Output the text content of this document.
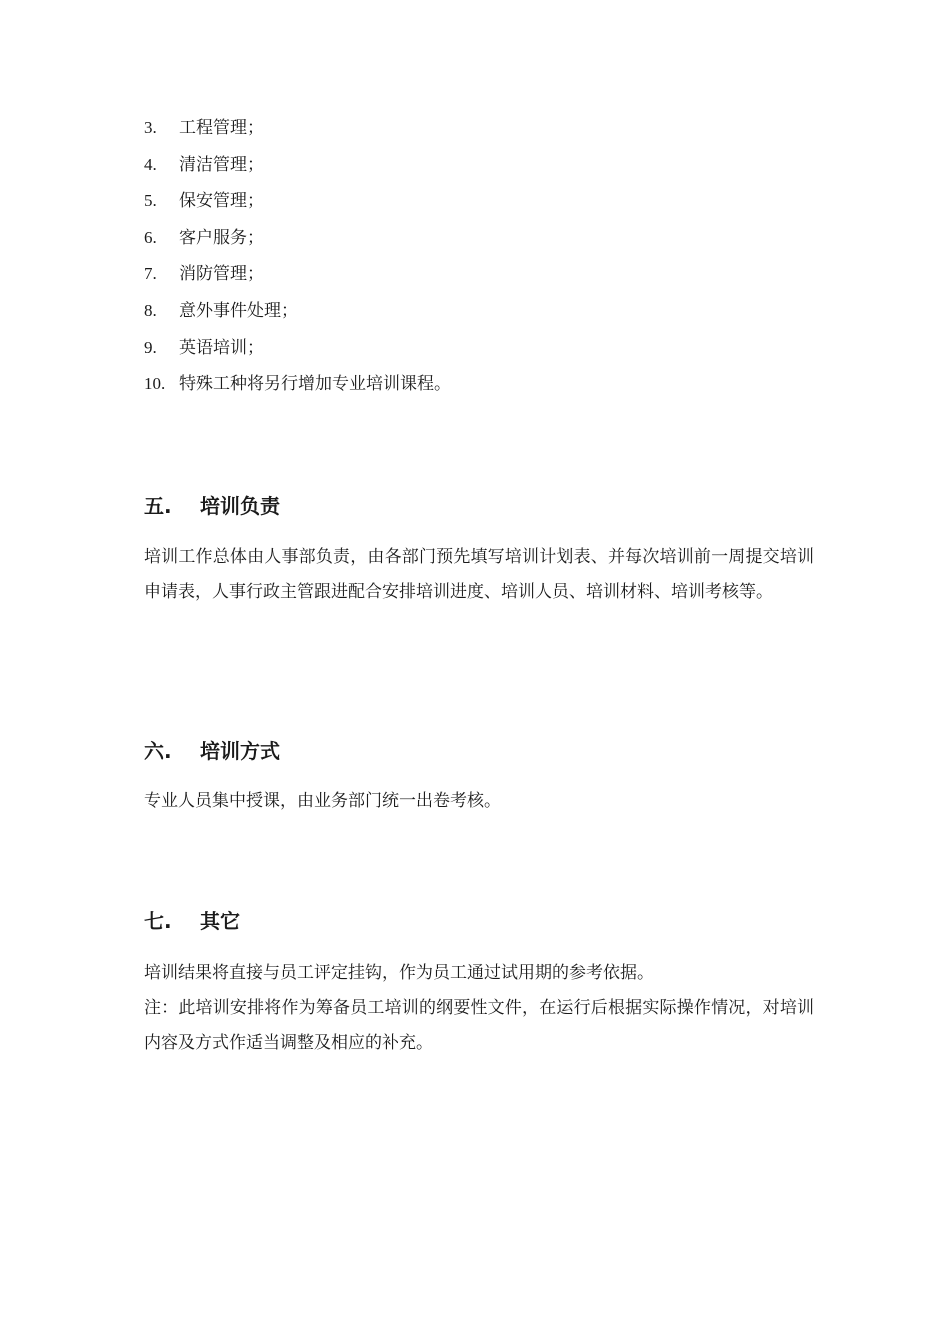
3. 工程管理；
4. 清洁管理；
5. 保安管理；
6. 客户服务；
7. 消防管理；
8. 意外事件处理；
9. 英语培训；
10. 特殊工种将另行增加专业培训课程。
五. 培训负责

培训工作总体由人事部负责，由各部门预先填写培训计划表、并每次培训前一周提交培训申请表，人事行政主管跟进配合安排培训进度、培训人员、培训材料、培训考核等。

六. 培训方式

专业人员集中授课，由业务部门统一出卷考核。

七. 其它

培训结果将直接与员工评定挂钩，作为员工通过试用期的参考依据。

注：此培训安排将作为筹备员工培训的纲要性文件，在运行后根据实际操作情况，对培训内容及方式作适当调整及相应的补充。
